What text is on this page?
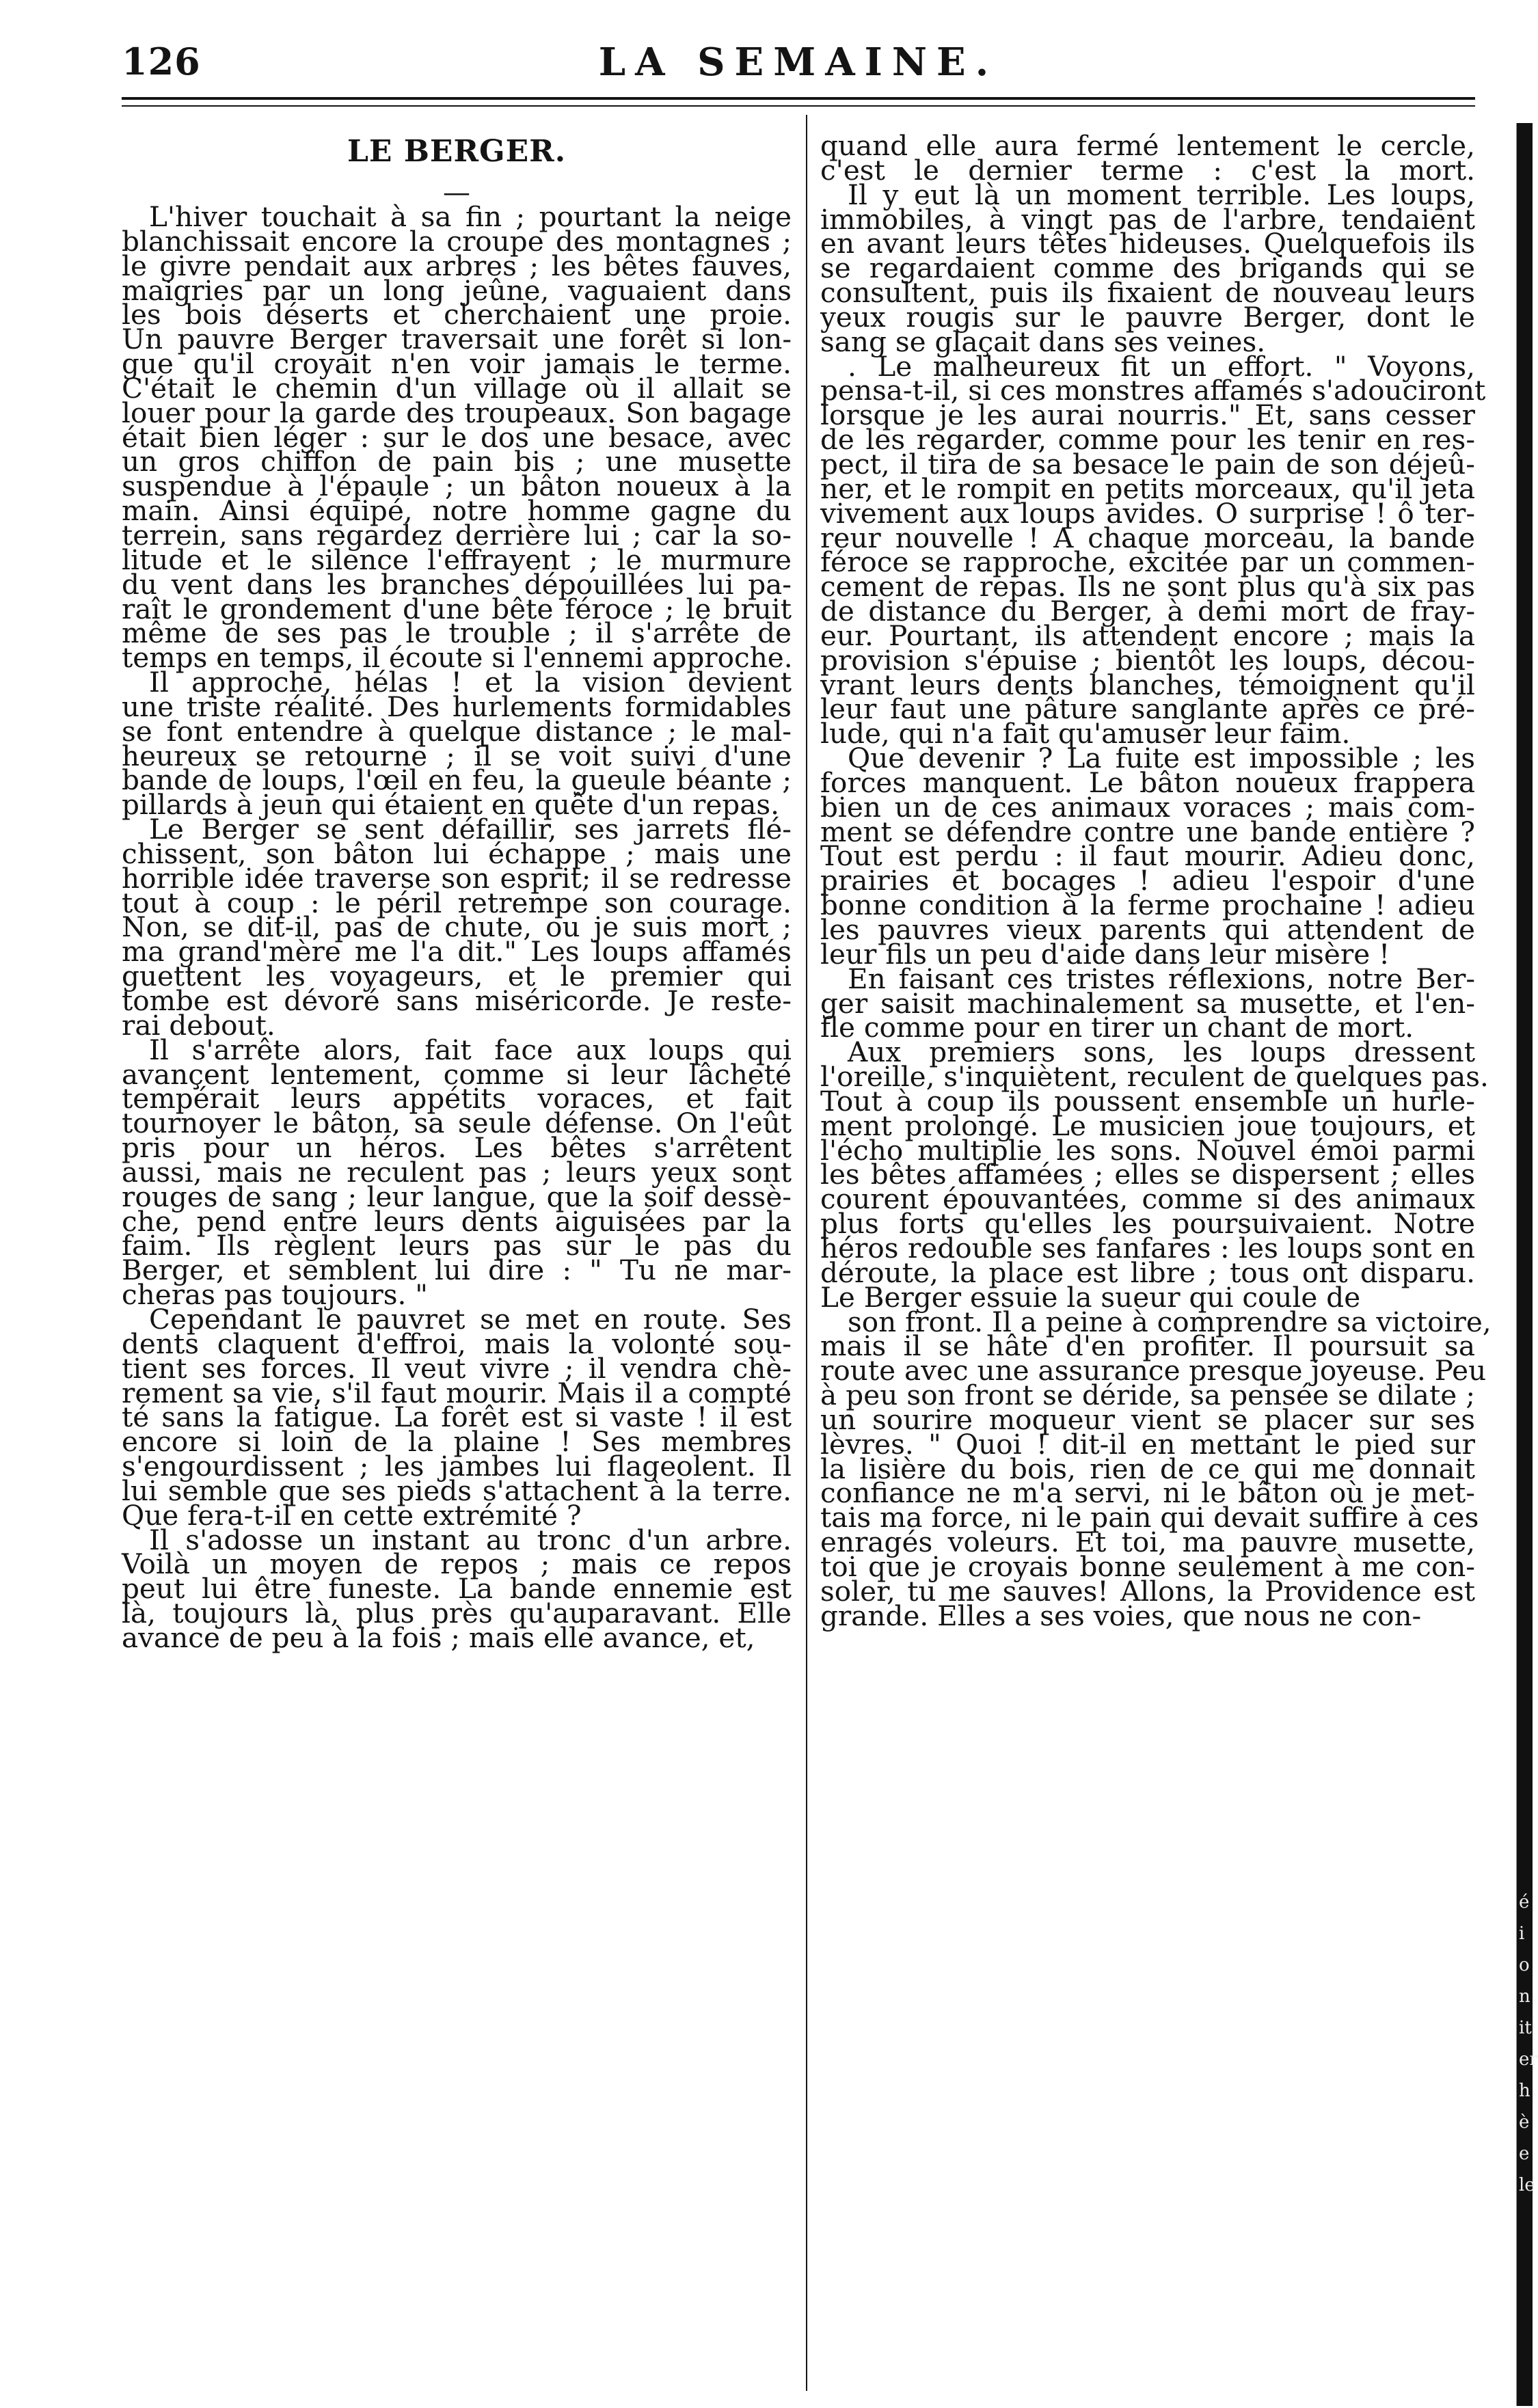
126	LA SEMAINE.
LE BERGER.
—
L'hiver touchait à sa fin ; pourtant la neige
blanchissait encore la croupe des montagnes ;
le givre pendait aux arbres ; les bêtes fauves,
maigries par un long jeûne, vaguaient dans
les bois déserts et cherchaient une proie.
Un pauvre Berger traversait une forêt si lon-
gue qu'il croyait n'en voir jamais le terme.
C'était le chemin d'un village où il allait se
louer pour la garde des troupeaux. Son bagage
était bien léger : sur le dos une besace, avec
un gros chiffon de pain bis ; une musette
suspendue à l'épaule ; un bâton noueux à la
main. Ainsi équipé, notre homme gagne du
terrein, sans regardez derrière lui ; car la so-
litude et le silence l'effrayent ; le murmure
du vent dans les branches dépouillées lui pa-
raît le grondement d'une bête féroce ; le bruit
même de ses pas le trouble ; il s'arrête de
temps en temps, il écoute si l'ennemi approche.
Il approche, hélas ! et la vision devient
une triste réalité. Des hurlements formidables
se font entendre à quelque distance ; le mal-
heureux se retourne ; il se voit suivi d'une
bande de loups, l'œil en feu, la gueule béante ;
pillards à jeun qui étaient en quête d'un repas.
Le Berger se sent défaillir, ses jarrets flé-
chissent, son bâton lui échappe ; mais une
horrible idée traverse son esprit; il se redresse
tout à coup : le péril retrempe son courage.
Non, se dit-il, pas de chute, ou je suis mort ;
ma grand'mère me l'a dit." Les loups affamés
guettent les voyageurs, et le premier qui
tombe est dévoré sans miséricorde. Je reste-
rai debout.
Il s'arrête alors, fait face aux loups qui
avançent lentement, comme si leur lâcheté
tempérait leurs appétits voraces, et fait
tournoyer le bâton, sa seule défense. On l'eût
pris pour un héros. Les bêtes s'arrêtent
aussi, mais ne reculent pas ; leurs yeux sont
rouges de sang ; leur langue, que la soif dessè-
che, pend entre leurs dents aiguisées par la
faim. Ils règlent leurs pas sur le pas du
Berger, et semblent lui dire : " Tu ne mar-
cheras pas toujours. "
Cependant le pauvret se met en route. Ses
dents claquent d'effroi, mais la volonté sou-
tient ses forces. Il veut vivre ; il vendra chè-
rement sa vie, s'il faut mourir. Mais il a compté
té sans la fatigue. La forêt est si vaste ! il est
encore si loin de la plaine ! Ses membres
s'engourdissent ; les jambes lui flageolent. Il
lui semble que ses pieds s'attachent à la terre.
Que fera-t-il en cette extrémité ?
Il s'adosse un instant au tronc d'un arbre.
Voilà un moyen de repos ; mais ce repos
peut lui être funeste. La bande ennemie est
là, toujours là, plus près qu'auparavant. Elle
avance de peu à la fois ; mais elle avance, et,
quand elle aura fermé lentement le cercle,
c'est le dernier terme : c'est la mort.
Il y eut là un moment terrible. Les loups,
immobiles, à vingt pas de l'arbre, tendaient
en avant leurs têtes hideuses. Quelquefois ils
se regardaient comme des brigands qui se
consultent, puis ils fixaient de nouveau leurs
yeux rougis sur le pauvre Berger, dont le
sang se glaçait dans ses veines.
. Le malheureux fit un effort. " Voyons,
pensa-t-il, si ces monstres affamés s'adouciront
lorsque je les aurai nourris." Et, sans cesser
de les regarder, comme pour les tenir en res-
pect, il tira de sa besace le pain de son déjeû-
ner, et le rompit en petits morceaux, qu'il jeta
vivement aux loups avides. O surprise ! ô ter-
reur nouvelle ! A chaque morceau, la bande
féroce se rapproche, excitée par un commen-
cement de repas. Ils ne sont plus qu'à six pas
de distance du Berger, à demi mort de fray-
eur. Pourtant, ils attendent encore ; mais la
provision s'épuise ; bientôt les loups, décou-
vrant leurs dents blanches, témoignent qu'il
leur faut une pâture sanglante après ce pré-
lude, qui n'a fait qu'amuser leur faim.
Que devenir ? La fuite est impossible ; les
forces manquent. Le bâton noueux frappera
bien un de ces animaux voraces ; mais com-
ment se défendre contre une bande entière ?
Tout est perdu : il faut mourir. Adieu donc,
prairies et bocages ! adieu l'espoir d'une
bonne condition à la ferme prochaine ! adieu
les pauvres vieux parents qui attendent de
leur fils un peu d'aide dans leur misère !
En faisant ces tristes réflexions, notre Ber-
ger saisit machinalement sa musette, et l'en-
fle comme pour en tirer un chant de mort.
Aux premiers sons, les loups dressent
l'oreille, s'inquiètent, reculent de quelques pas.
Tout à coup ils poussent ensemble un hurle-
ment prolongé. Le musicien joue toujours, et
l'écho multiplie les sons. Nouvel émoi parmi
les bêtes affamées ; elles se dispersent ; elles
courent épouvantées, comme si des animaux
plus forts qu'elles les poursuivaient. Notre
héros redouble ses fanfares : les loups sont en
déroute, la place est libre ; tous ont disparu.
Le Berger essuie la sueur qui coule de
son front. Il a peine à comprendre sa victoire,
mais il se hâte d'en profiter. Il poursuit sa
route avec une assurance presque joyeuse. Peu
à peu son front se déride, sa pensée se dilate ;
un sourire moqueur vient se placer sur ses
lèvres. " Quoi ! dit-il en mettant le pied sur
la lisière du bois, rien de ce qui me donnait
confiance ne m'a servi, ni le bâton où je met-
tais ma force, ni le pain qui devait suffire à ces
enragés voleurs. Et toi, ma pauvre musette,
toi que je croyais bonne seulement à me con-
soler, tu me sauves! Allons, la Providence est
grande. Elles a ses voies, que nous ne con-
é
i
o
n
it
er
h
è
e
le
